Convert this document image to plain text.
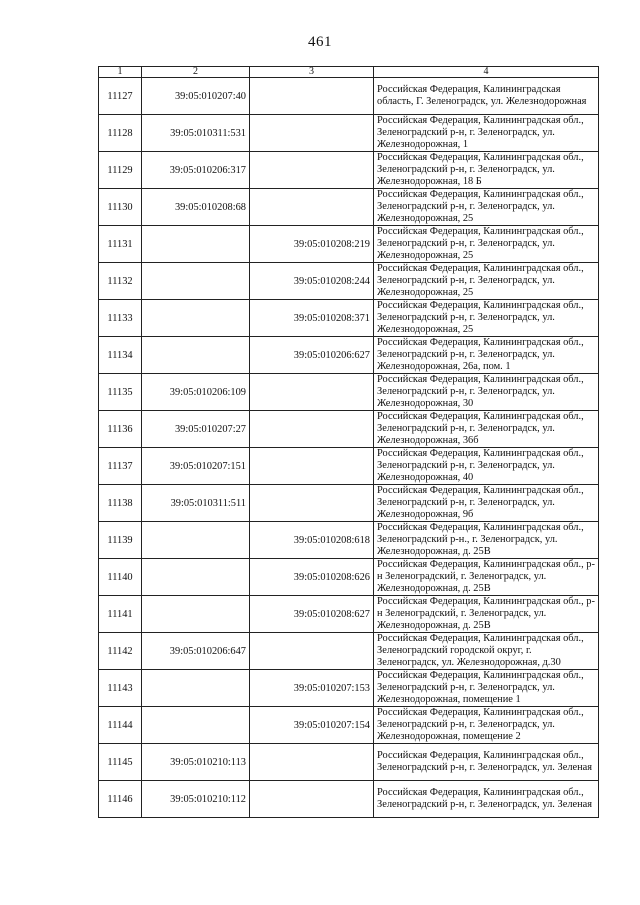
461
1	2	3	4
11127	39:05:010207:40		Российская Федерация, Калининградская область, Г. Зеленоградск, ул. Железнодорожная
11128	39:05:010311:531		Российская Федерация, Калининградская обл., Зеленоградский р-н, г. Зеленоградск, ул. Железнодорожная, 1
11129	39:05:010206:317		Российская Федерация, Калининградская обл., Зеленоградский р-н, г. Зеленоградск, ул. Железнодорожная, 18 Б
11130	39:05:010208:68		Российская Федерация, Калининградская обл., Зеленоградский р-н, г. Зеленоградск, ул. Железнодорожная, 25
11131		39:05:010208:219	Российская Федерация, Калининградская обл., Зеленоградский р-н, г. Зеленоградск, ул. Железнодорожная, 25
11132		39:05:010208:244	Российская Федерация, Калининградская обл., Зеленоградский р-н, г. Зеленоградск, ул. Железнодорожная, 25
11133		39:05:010208:371	Российская Федерация, Калининградская обл., Зеленоградский р-н, г. Зеленоградск, ул. Железнодорожная, 25
11134		39:05:010206:627	Российская Федерация, Калининградская обл., Зеленоградский р-н, г. Зеленоградск, ул. Железнодорожная, 26а, пом. 1
11135	39:05:010206:109		Российская Федерация, Калининградская обл., Зеленоградский р-н, г. Зеленоградск, ул. Железнодорожная, 30
11136	39:05:010207:27		Российская Федерация, Калининградская обл., Зеленоградский р-н, г. Зеленоградск, ул. Железнодорожная, 36б
11137	39:05:010207:151		Российская Федерация, Калининградская обл., Зеленоградский р-н, г. Зеленоградск, ул. Железнодорожная, 40
11138	39:05:010311:511		Российская Федерация, Калининградская обл., Зеленоградский р-н, г. Зеленоградск, ул. Железнодорожная, 9б
11139		39:05:010208:618	Российская Федерация, Калининградская обл., Зеленоградский р-н., г. Зеленоградск, ул. Железнодорожная, д. 25В
11140		39:05:010208:626	Российская Федерация, Калининградская обл., р-н Зеленоградский, г. Зеленоградск, ул. Железнодорожная, д. 25В
11141		39:05:010208:627	Российская Федерация, Калининградская обл., р-н Зеленоградский, г. Зеленоградск, ул. Железнодорожная, д. 25В
11142	39:05:010206:647		Российская Федерация, Калининградская обл., Зеленоградский городской округ, г. Зеленоградск, ул. Железнодорожная, д.30
11143		39:05:010207:153	Российская Федерация, Калининградская обл., Зеленоградский р-н, г. Зеленоградск, ул. Железнодорожная, помещение 1
11144		39:05:010207:154	Российская Федерация, Калининградская обл., Зеленоградский р-н, г. Зеленоградск, ул. Железнодорожная, помещение 2
11145	39:05:010210:113		Российская Федерация, Калининградская обл., Зеленоградский р-н, г. Зеленоградск, ул. Зеленая
11146	39:05:010210:112		Российская Федерация, Калининградская обл., Зеленоградский р-н, г. Зеленоградск, ул. Зеленая
